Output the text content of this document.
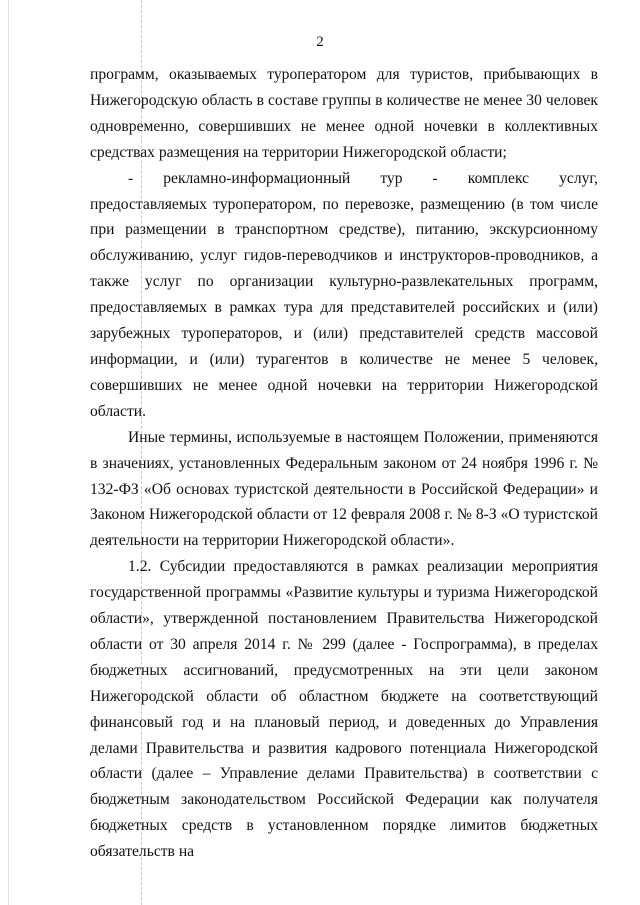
2

программ, оказываемых туроператором для туристов, прибывающих в Нижегородскую область в составе группы в количестве не менее 30 человек одновременно, совершивших не менее одной ночевки в коллективных средствах размещения на территории Нижегородской области;

- рекламно-информационный тур - комплекс услуг,

предоставляемых туроператором, по перевозке, размещению (в том числе при размещении в транспортном средстве), питанию, экскурсионному обслуживанию, услуг гидов-переводчиков и инструкторов-проводников, а также услуг по организации культурно-развлекательных программ, предоставляемых в рамках тура для представителей российских и (или) зарубежных туроператоров, и (или) представителей средств массовой информации, и (или) турагентов в количестве не менее 5 человек, совершивших не менее одной ночевки на территории Нижегородской области.

Иные термины, используемые в настоящем Положении, применяются в значениях, установленных Федеральным законом от 24 ноября 1996 г. № 132-ФЗ «Об основах туристской деятельности в Российской Федерации» и Законом Нижегородской области от 12 февраля 2008 г. № 8-З «О туристской деятельности на территории Нижегородской области».

1.2. Субсидии предоставляются в рамках реализации мероприятия государственной программы «Развитие культуры и туризма Нижегородской области», утвержденной постановлением Правительства Нижегородской области от 30 апреля 2014 г. № 299 (далее - Госпрограмма), в пределах бюджетных ассигнований, предусмотренных на эти цели законом Нижегородской области об областном бюджете на соответствующий финансовый год и на плановый период, и доведенных до Управления делами Правительства и развития кадрового потенциала Нижегородской области (далее – Управление делами Правительства) в соответствии с бюджетным законодательством Российской Федерации как получателя бюджетных средств в установленном порядке лимитов бюджетных обязательств на
